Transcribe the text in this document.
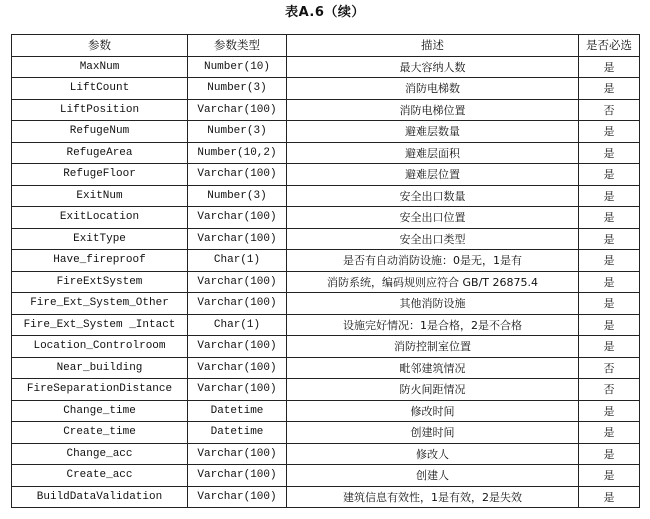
表A.6（续）
参数	参数类型	描述	是否必选
MaxNum	Number(10)	最大容纳人数	是
LiftCount	Number(3)	消防电梯数	是
LiftPosition	Varchar(100)	消防电梯位置	否
RefugeNum	Number(3)	避难层数量	是
RefugeArea	Number(10,2)	避难层面积	是
RefugeFloor	Varchar(100)	避难层位置	是
ExitNum	Number(3)	安全出口数量	是
ExitLocation	Varchar(100)	安全出口位置	是
ExitType	Varchar(100)	安全出口类型	是
Have_fireproof	Char(1)	是否有自动消防设施：0是无，1是有	是
FireExtSystem	Varchar(100)	消防系统，编码规则应符合 GB/T 26875.4	是
Fire_Ext_System_Other	Varchar(100)	其他消防设施	是
Fire_Ext_System _Intact	Char(1)	设施完好情况：1是合格，2是不合格	是
Location_Controlroom	Varchar(100)	消防控制室位置	是
Near_building	Varchar(100)	毗邻建筑情况	否
FireSeparationDistance	Varchar(100)	防火间距情况	否
Change_time	Datetime	修改时间	是
Create_time	Datetime	创建时间	是
Change_acc	Varchar(100)	修改人	是
Create_acc	Varchar(100)	创建人	是
BuildDataValidation	Varchar(100)	建筑信息有效性，1是有效，2是失效	是
